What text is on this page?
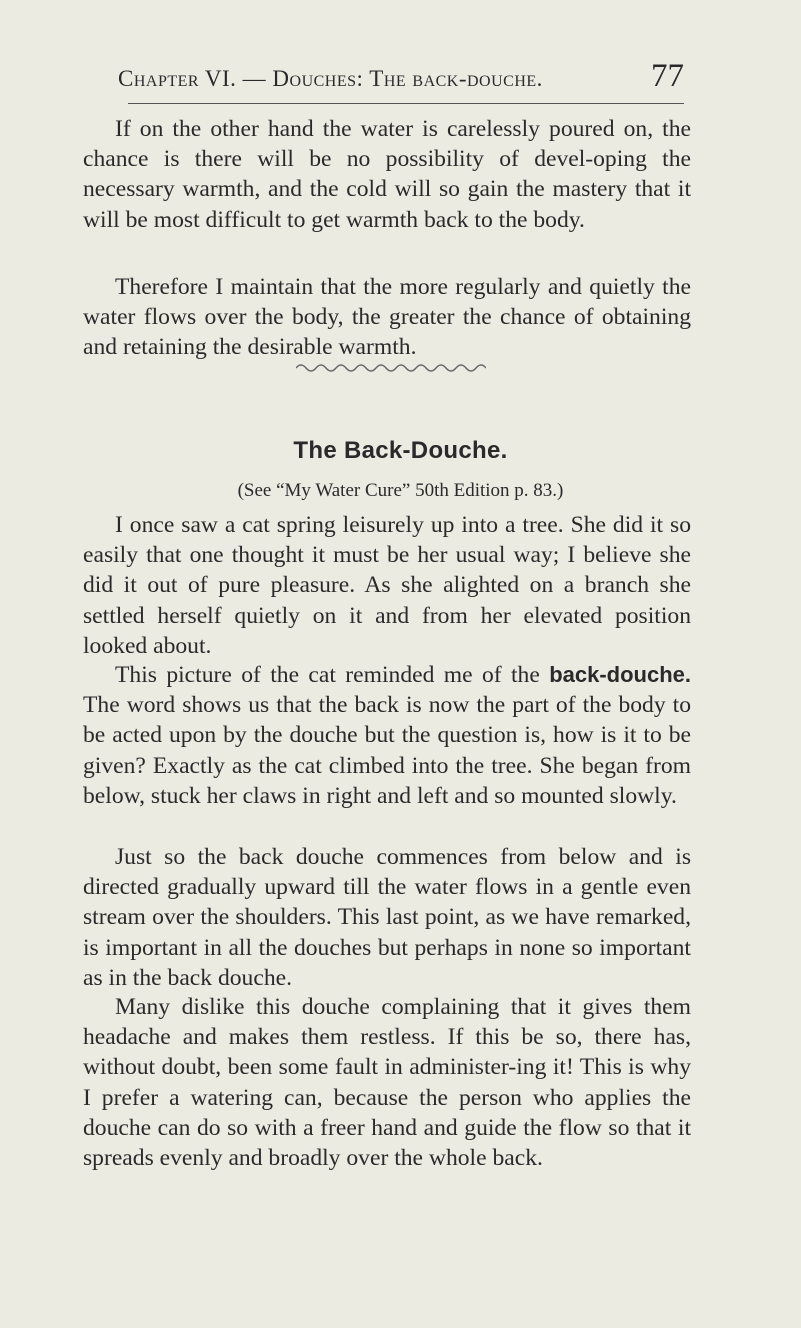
Chapter VI. — Douches: The back-douche.	77

If on the other hand the water is carelessly poured on, the chance is there will be no possibility of devel-oping the necessary warmth, and the cold will so gain the mastery that it will be most difficult to get warmth back to the body.

Therefore I maintain that the more regularly and quietly the water flows over the body, the greater the chance of obtaining and retaining the desirable warmth.

The Back-Douche.
(See “My Water Cure” 50th Edition p. 83.)

I once saw a cat spring leisurely up into a tree. She did it so easily that one thought it must be her usual way; I believe she did it out of pure pleasure. As she alighted on a branch she settled herself quietly on it and from her elevated position looked about.

This picture of the cat reminded me of the back-douche. The word shows us that the back is now the part of the body to be acted upon by the douche but the question is, how is it to be given? Exactly as the cat climbed into the tree. She began from below, stuck her claws in right and left and so mounted slowly.

Just so the back douche commences from below and is directed gradually upward till the water flows in a gentle even stream over the shoulders. This last point, as we have remarked, is important in all the douches but perhaps in none so important as in the back douche.

Many dislike this douche complaining that it gives them headache and makes them restless. If this be so, there has, without doubt, been some fault in administer-ing it! This is why I prefer a watering can, because the person who applies the douche can do so with a freer hand and guide the flow so that it spreads evenly and broadly over the whole back.
